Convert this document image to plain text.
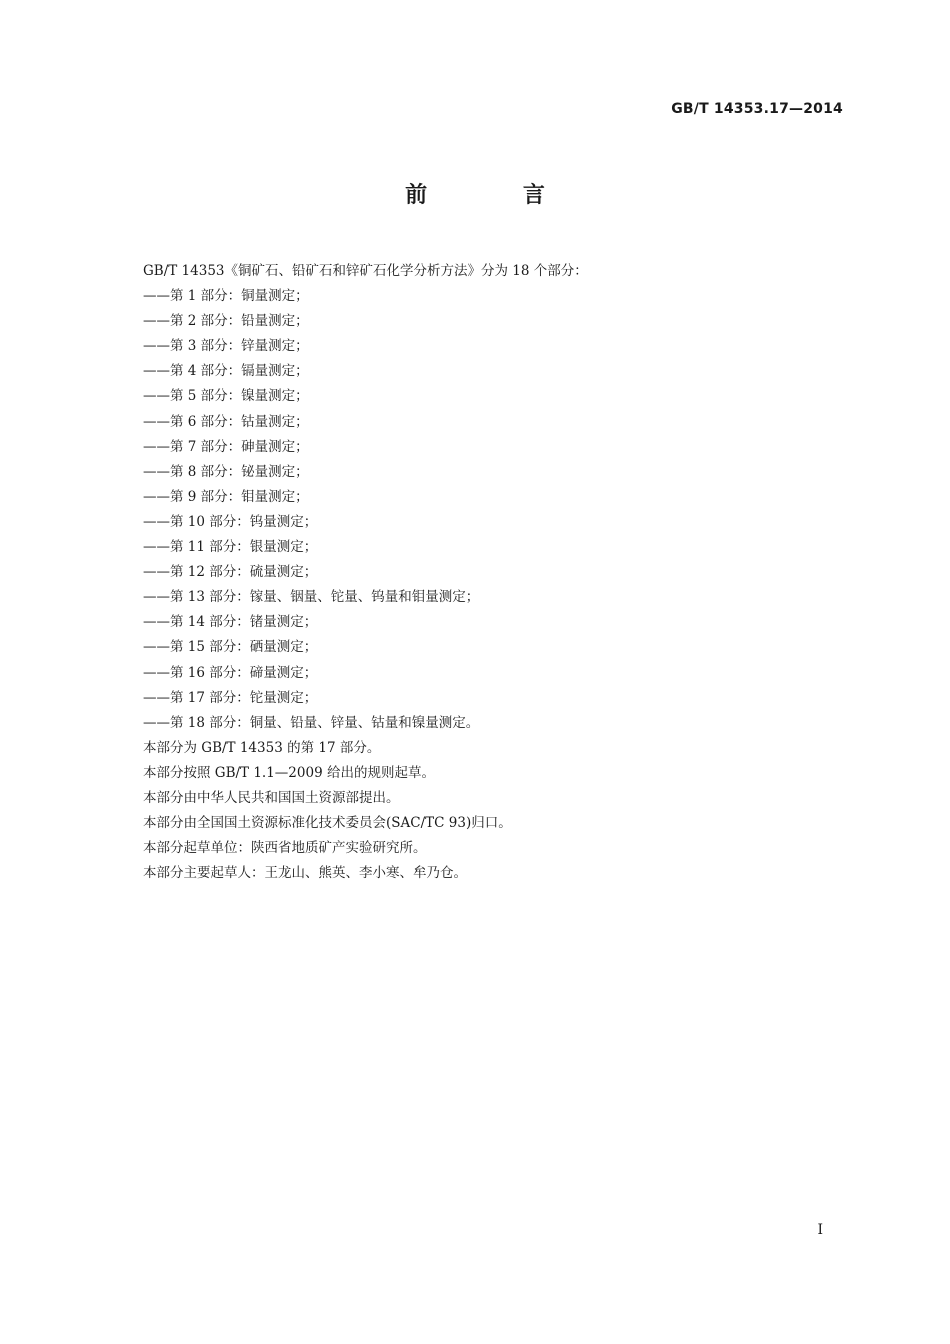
GB/T 14353.17—2014
前 言
GB/T 14353《铜矿石、铅矿石和锌矿石化学分析方法》分为 18 个部分：
——第 1 部分：铜量测定；
——第 2 部分：铅量测定；
——第 3 部分：锌量测定；
——第 4 部分：镉量测定；
——第 5 部分：镍量测定；
——第 6 部分：钴量测定；
——第 7 部分：砷量测定；
——第 8 部分：铋量测定；
——第 9 部分：钼量测定；
——第 10 部分：钨量测定；
——第 11 部分：银量测定；
——第 12 部分：硫量测定；
——第 13 部分：镓量、铟量、铊量、钨量和钼量测定；
——第 14 部分：锗量测定；
——第 15 部分：硒量测定；
——第 16 部分：碲量测定；
——第 17 部分：铊量测定；
——第 18 部分：铜量、铅量、锌量、钴量和镍量测定。
本部分为 GB/T 14353 的第 17 部分。
本部分按照 GB/T 1.1—2009 给出的规则起草。
本部分由中华人民共和国国土资源部提出。
本部分由全国国土资源标准化技术委员会(SAC/TC 93)归口。
本部分起草单位：陕西省地质矿产实验研究所。
本部分主要起草人：王龙山、熊英、李小寒、牟乃仓。
I
